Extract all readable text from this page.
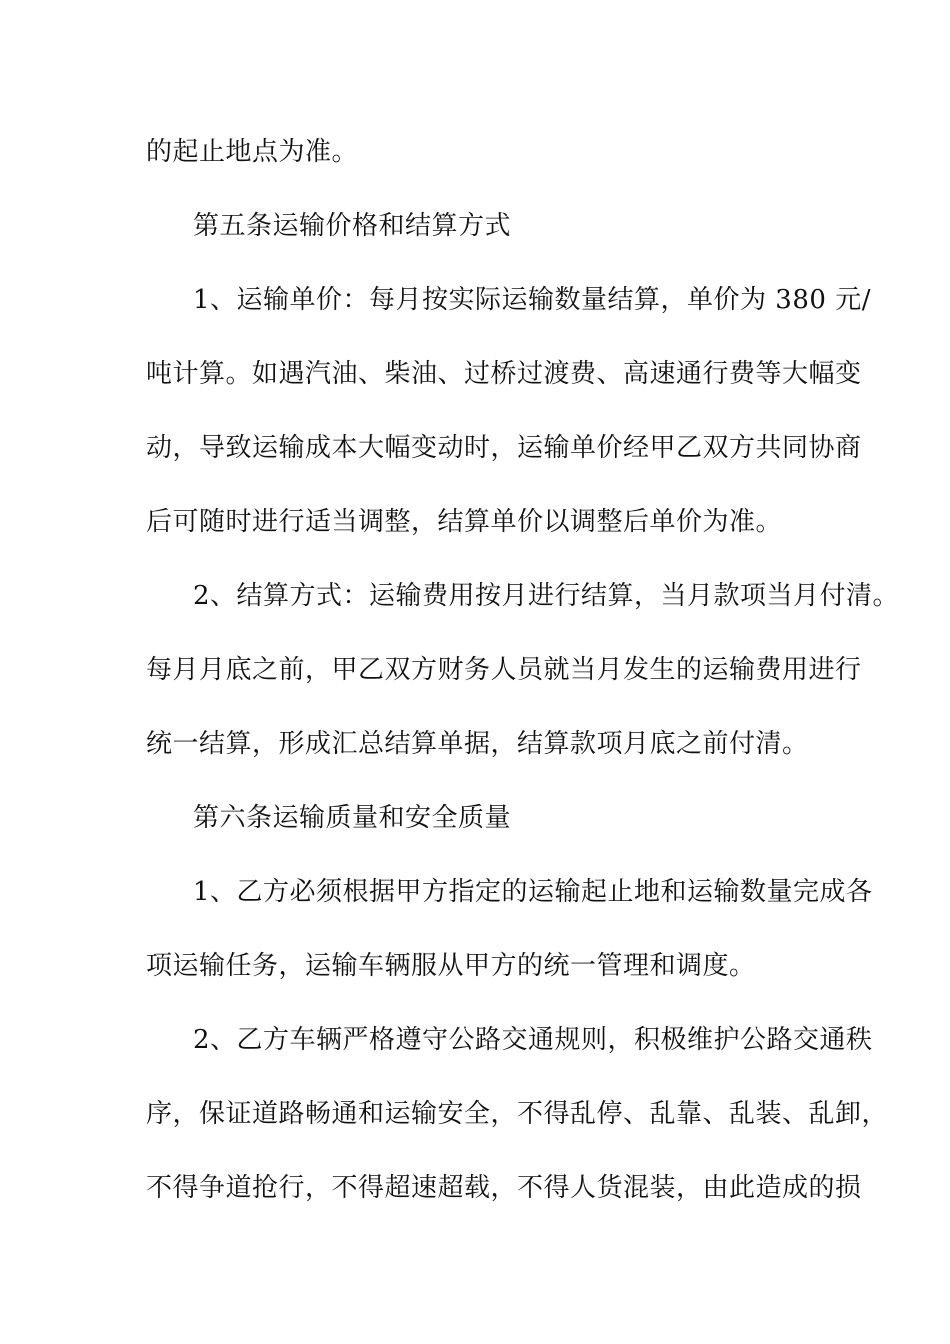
的起止地点为准。
第五条运输价格和结算方式
1、运输单价：每月按实际运输数量结算，单价为 380 元/
吨计算。如遇汽油、柴油、过桥过渡费、高速通行费等大幅变
动，导致运输成本大幅变动时，运输单价经甲乙双方共同协商
后可随时进行适当调整，结算单价以调整后单价为准。
2、结算方式：运输费用按月进行结算，当月款项当月付清。
每月月底之前，甲乙双方财务人员就当月发生的运输费用进行
统一结算，形成汇总结算单据，结算款项月底之前付清。
第六条运输质量和安全质量
1、乙方必须根据甲方指定的运输起止地和运输数量完成各
项运输任务，运输车辆服从甲方的统一管理和调度。
2、乙方车辆严格遵守公路交通规则，积极维护公路交通秩
序，保证道路畅通和运输安全，不得乱停、乱靠、乱装、乱卸，
不得争道抢行，不得超速超载，不得人货混装，由此造成的损
